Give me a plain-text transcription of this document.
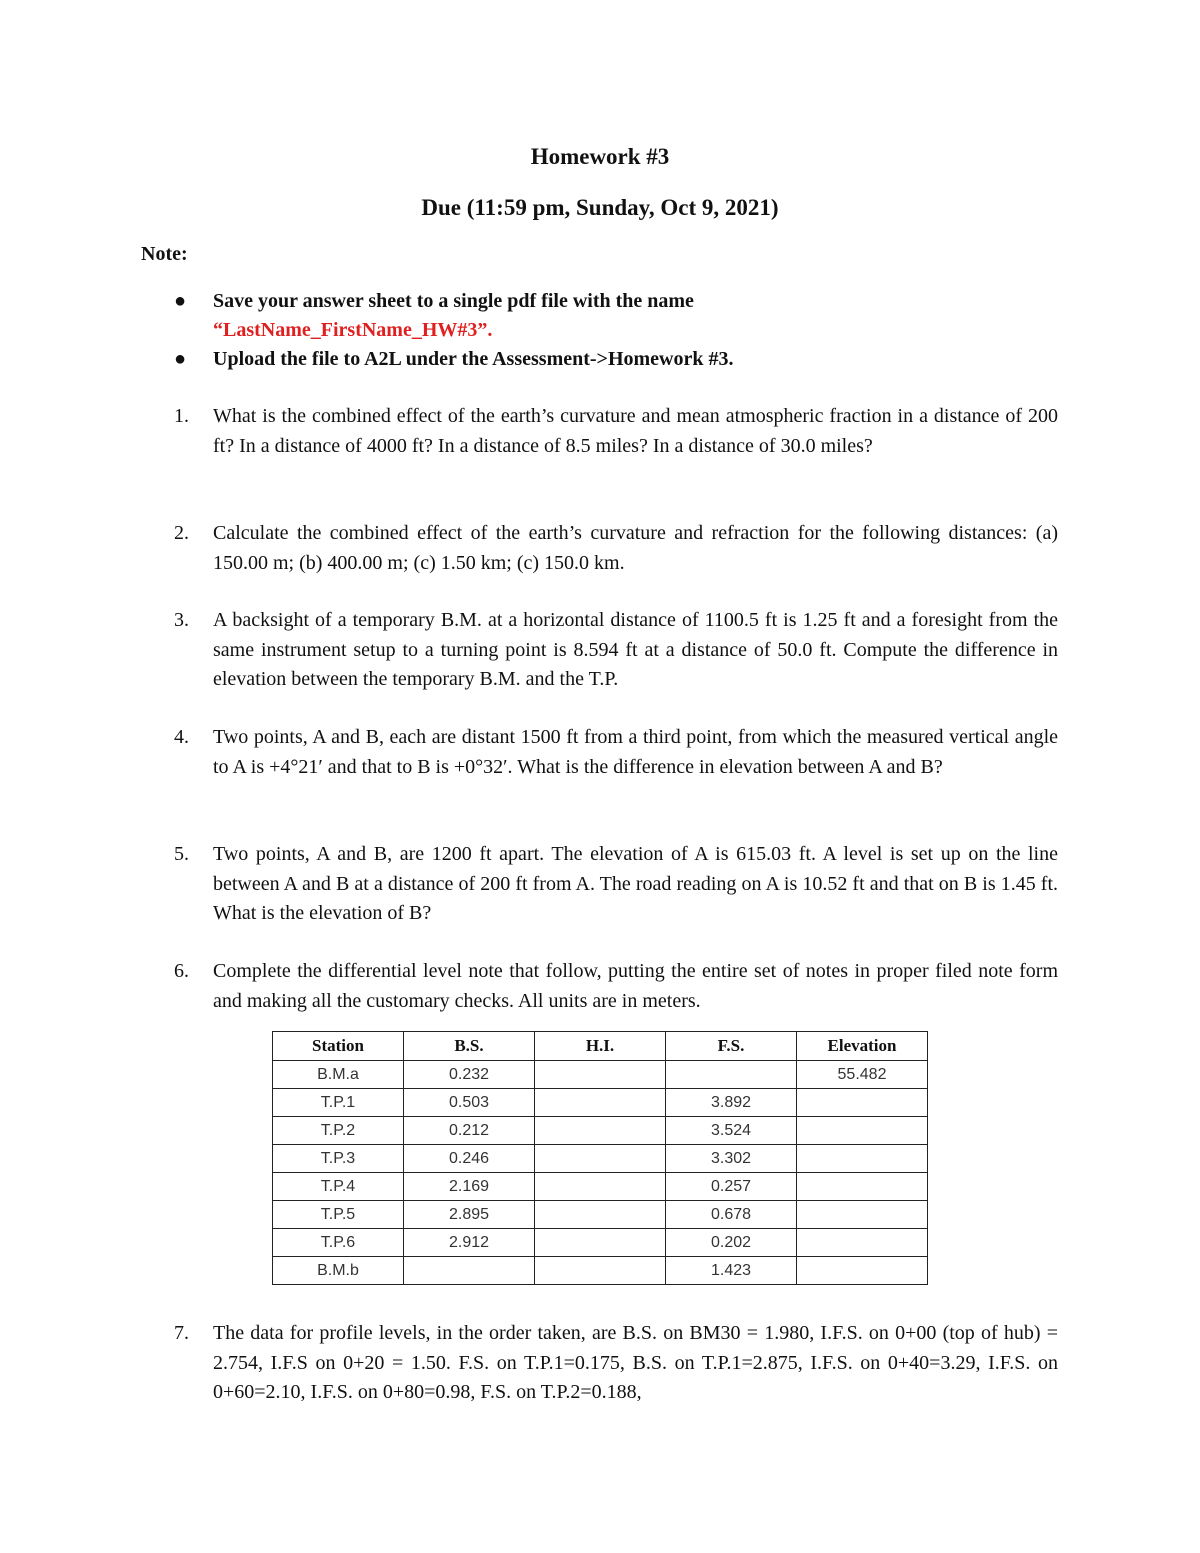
Homework #3
Due (11:59 pm, Sunday, Oct 9, 2021)
Note:
● Save your answer sheet to a single pdf file with the name
“LastName_FirstName_HW#3”.
● Upload the file to A2L under the Assessment->Homework #3.
1. What is the combined effect of the earth’s curvature and mean atmospheric fraction in a distance of 200 ft? In a distance of 4000 ft? In a distance of 8.5 miles? In a distance of 30.0 miles?
2. Calculate the combined effect of the earth’s curvature and refraction for the following distances: (a) 150.00 m; (b) 400.00 m; (c) 1.50 km; (c) 150.0 km.
3. A backsight of a temporary B.M. at a horizontal distance of 1100.5 ft is 1.25 ft and a foresight from the same instrument setup to a turning point is 8.594 ft at a distance of 50.0 ft. Compute the difference in elevation between the temporary B.M. and the T.P.
4. Two points, A and B, each are distant 1500 ft from a third point, from which the measured vertical angle to A is +4°21′ and that to B is +0°32′. What is the difference in elevation between A and B?
5. Two points, A and B, are 1200 ft apart. The elevation of A is 615.03 ft. A level is set up on the line between A and B at a distance of 200 ft from A. The road reading on A is 10.52 ft and that on B is 1.45 ft. What is the elevation of B?
6. Complete the differential level note that follow, putting the entire set of notes in proper filed note form and making all the customary checks. All units are in meters.
Station	B.S.	H.I.	F.S.	Elevation
B.M.a	0.232			55.482
T.P.1	0.503		3.892	
T.P.2	0.212		3.524	
T.P.3	0.246		3.302	
T.P.4	2.169		0.257	
T.P.5	2.895		0.678	
T.P.6	2.912		0.202	
B.M.b			1.423	
7. The data for profile levels, in the order taken, are B.S. on BM30 = 1.980, I.F.S. on 0+00 (top of hub) = 2.754, I.F.S on 0+20 = 1.50. F.S. on T.P.1=0.175, B.S. on T.P.1=2.875, I.F.S. on 0+40=3.29, I.F.S. on 0+60=2.10, I.F.S. on 0+80=0.98, F.S. on T.P.2=0.188,
